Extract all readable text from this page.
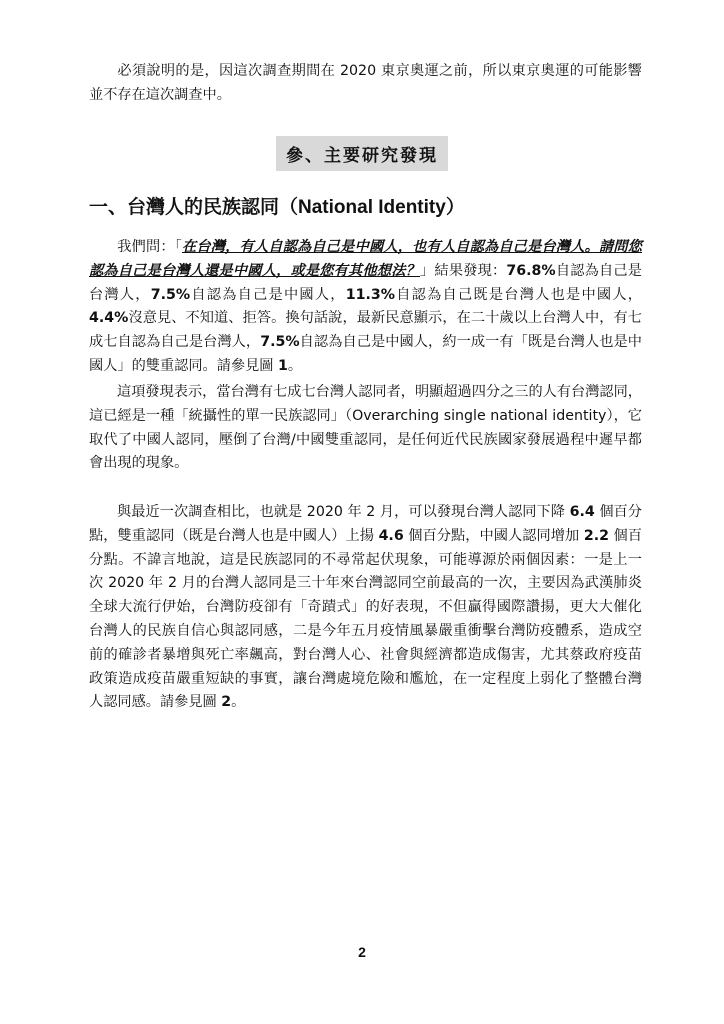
必須說明的是，因這次調查期間在 2020 東京奧運之前，所以東京奧運的可能影響並不存在這次調查中。

參、主要研究發現
一、台灣人的民族認同（National Identity）

我們問：「在台灣，有人自認為自己是中國人，也有人自認為自己是台灣人。請問您認為自己是台灣人還是中國人，或是您有其他想法？」結果發現：76.8%自認為自己是台灣人，7.5%自認為自己是中國人，11.3%自認為自己既是台灣人也是中國人，4.4%沒意見、不知道、拒答。換句話說，最新民意顯示，在二十歲以上台灣人中，有七成七自認為自己是台灣人，7.5%自認為自己是中國人，約一成一有「既是台灣人也是中國人」的雙重認同。請參見圖 1。

這項發現表示，當台灣有七成七台灣人認同者，明顯超過四分之三的人有台灣認同，這已經是一種「統攝性的單一民族認同」（Overarching single national identity），它取代了中國人認同，壓倒了台灣/中國雙重認同，是任何近代民族國家發展過程中遲早都會出現的現象。

與最近一次調查相比，也就是 2020 年 2 月，可以發現台灣人認同下降 6.4 個百分點，雙重認同（既是台灣人也是中國人）上揚 4.6 個百分點，中國人認同增加 2.2 個百分點。不諱言地說，這是民族認同的不尋常起伏現象，可能導源於兩個因素：一是上一次 2020 年 2 月的台灣人認同是三十年來台灣認同空前最高的一次，主要因為武漢肺炎全球大流行伊始，台灣防疫卻有「奇蹟式」的好表現，不但贏得國際讚揚，更大大催化台灣人的民族自信心與認同感，二是今年五月疫情風暴嚴重衝擊台灣防疫體系，造成空前的確診者暴增與死亡率飆高，對台灣人心、社會與經濟都造成傷害，尤其蔡政府疫苗政策造成疫苗嚴重短缺的事實，讓台灣處境危險和尷尬，在一定程度上弱化了整體台灣人認同感。請參見圖 2。

2
